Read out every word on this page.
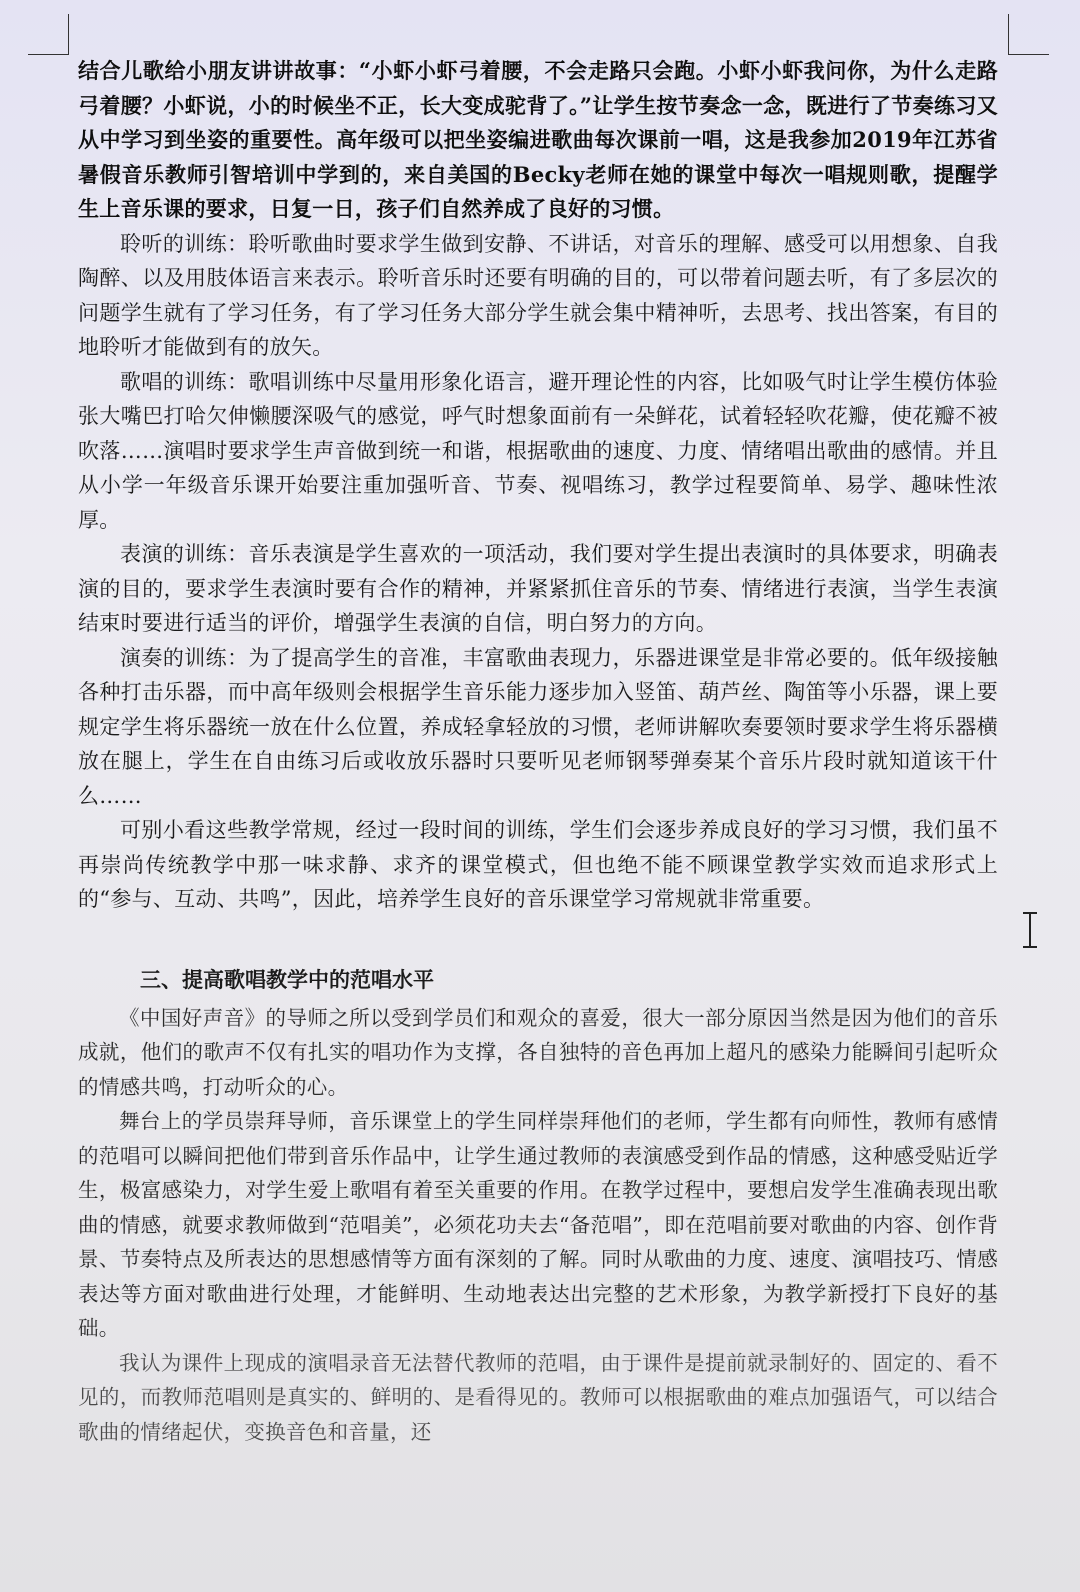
结合儿歌给小朋友讲讲故事：“小虾小虾弓着腰，不会走路只会跑。小虾小虾我问你，为什么走路弓着腰？小虾说，小的时候坐不正，长大变成驼背了。”让学生按节奏念一念，既进行了节奏练习又从中学习到坐姿的重要性。高年级可以把坐姿编进歌曲每次课前一唱，这是我参加2019年江苏省暑假音乐教师引智培训中学到的，来自美国的Becky老师在她的课堂中每次一唱规则歌，提醒学生上音乐课的要求，日复一日，孩子们自然养成了良好的习惯。

聆听的训练：聆听歌曲时要求学生做到安静、不讲话，对音乐的理解、感受可以用想象、自我陶醉、以及用肢体语言来表示。聆听音乐时还要有明确的目的，可以带着问题去听，有了多层次的问题学生就有了学习任务，有了学习任务大部分学生就会集中精神听，去思考、找出答案，有目的地聆听才能做到有的放矢。

歌唱的训练：歌唱训练中尽量用形象化语言，避开理论性的内容，比如吸气时让学生模仿体验张大嘴巴打哈欠伸懒腰深吸气的感觉，呼气时想象面前有一朵鲜花，试着轻轻吹花瓣，使花瓣不被吹落……演唱时要求学生声音做到统一和谐，根据歌曲的速度、力度、情绪唱出歌曲的感情。并且从小学一年级音乐课开始要注重加强听音、节奏、视唱练习，教学过程要简单、易学、趣味性浓厚。

表演的训练：音乐表演是学生喜欢的一项活动，我们要对学生提出表演时的具体要求，明确表演的目的，要求学生表演时要有合作的精神，并紧紧抓住音乐的节奏、情绪进行表演，当学生表演结束时要进行适当的评价，增强学生表演的自信，明白努力的方向。

演奏的训练：为了提高学生的音准，丰富歌曲表现力，乐器进课堂是非常必要的。低年级接触各种打击乐器，而中高年级则会根据学生音乐能力逐步加入竖笛、葫芦丝、陶笛等小乐器，课上要规定学生将乐器统一放在什么位置，养成轻拿轻放的习惯，老师讲解吹奏要领时要求学生将乐器横放在腿上，学生在自由练习后或收放乐器时只要听见老师钢琴弹奏某个音乐片段时就知道该干什么……

可别小看这些教学常规，经过一段时间的训练，学生们会逐步养成良好的学习习惯，我们虽不再崇尚传统教学中那一味求静、求齐的课堂模式，但也绝不能不顾课堂教学实效而追求形式上的“参与、互动、共鸣”，因此，培养学生良好的音乐课堂学习常规就非常重要。

三、提高歌唱教学中的范唱水平

《中国好声音》的导师之所以受到学员们和观众的喜爱，很大一部分原因当然是因为他们的音乐成就，他们的歌声不仅有扎实的唱功作为支撑，各自独特的音色再加上超凡的感染力能瞬间引起听众的情感共鸣，打动听众的心。

舞台上的学员崇拜导师，音乐课堂上的学生同样崇拜他们的老师，学生都有向师性，教师有感情的范唱可以瞬间把他们带到音乐作品中，让学生通过教师的表演感受到作品的情感，这种感受贴近学生，极富感染力，对学生爱上歌唱有着至关重要的作用。在教学过程中，要想启发学生准确表现出歌曲的情感，就要求教师做到“范唱美”，必须花功夫去“备范唱”，即在范唱前要对歌曲的内容、创作背景、节奏特点及所表达的思想感情等方面有深刻的了解。同时从歌曲的力度、速度、演唱技巧、情感表达等方面对歌曲进行处理，才能鲜明、生动地表达出完整的艺术形象，为教学新授打下良好的基础。

我认为课件上现成的演唱录音无法替代教师的范唱，由于课件是提前就录制好的、固定的、看不见的，而教师范唱则是真实的、鲜明的、是看得见的。教师可以根据歌曲的难点加强语气，可以结合歌曲的情绪起伏，变换音色和音量，还
